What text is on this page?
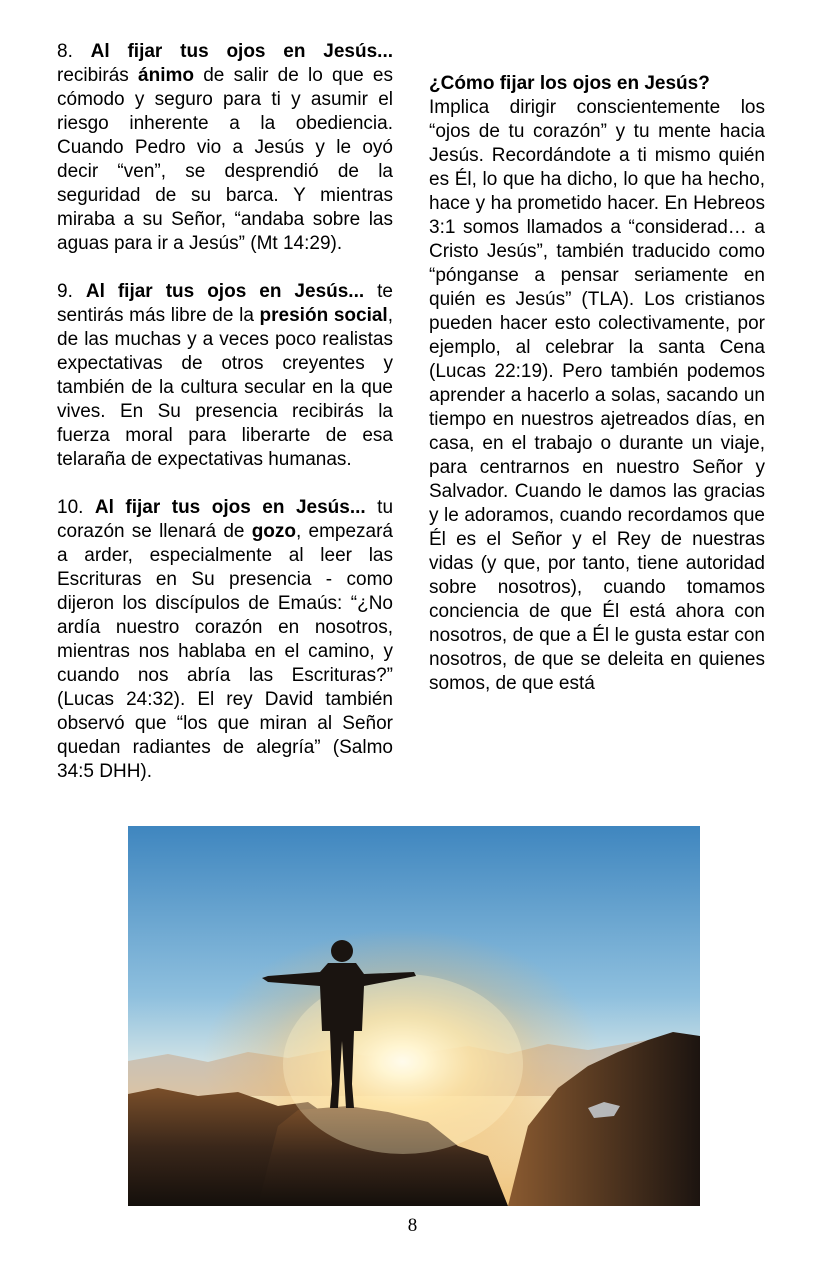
8. Al fijar tus ojos en Jesús... recibirás ánimo de salir de lo que es cómodo y seguro para ti y asumir el riesgo inherente a la obediencia. Cuando Pedro vio a Jesús y le oyó decir “ven”, se desprendió de la seguridad de su barca. Y mientras miraba a su Señor, “andaba sobre las aguas para ir a Jesús” (Mt 14:29).

9. Al fijar tus ojos en Jesús... te sentirás más libre de la presión social, de las muchas y a veces poco realistas expectativas de otros creyentes y también de la cultura secular en la que vives. En Su presencia recibirás la fuerza moral para liberarte de esa telaraña de expectativas humanas.

10. Al fijar tus ojos en Jesús... tu corazón se llenará de gozo, empezará a arder, especialmente al leer las Escrituras en Su presencia - como dijeron los discípulos de Emaús: “¿No ardía nuestro corazón en nosotros, mientras nos hablaba en el camino, y cuando nos abría las Escrituras?” (Lucas 24:32). El rey David también observó que “los que miran al Señor quedan radiantes de alegría” (Salmo 34:5 DHH).

¿Cómo fijar los ojos en Jesús?

Implica dirigir conscientemente los “ojos de tu corazón” y tu mente hacia Jesús. Recordándote a ti mismo quién es Él, lo que ha dicho, lo que ha hecho, hace y ha prometido hacer. En Hebreos 3:1 somos llamados a “considerad… a Cristo Jesús”, también traducido como “pónganse a pensar seriamente en quién es Jesús” (TLA). Los cristianos pueden hacer esto colectivamente, por ejemplo, al celebrar la santa Cena (Lucas 22:19). Pero también podemos aprender a hacerlo a solas, sacando un tiempo en nuestros ajetreados días, en casa, en el trabajo o durante un viaje, para centrarnos en nuestro Señor y Salvador. Cuando le damos las gracias y le adoramos, cuando recordamos que Él es el Señor y el Rey de nuestras vidas (y que, por tanto, tiene autoridad sobre nosotros), cuando tomamos conciencia de que Él está ahora con nosotros, de que a Él le gusta estar con nosotros, de que se deleita en quienes somos, de que está

8
